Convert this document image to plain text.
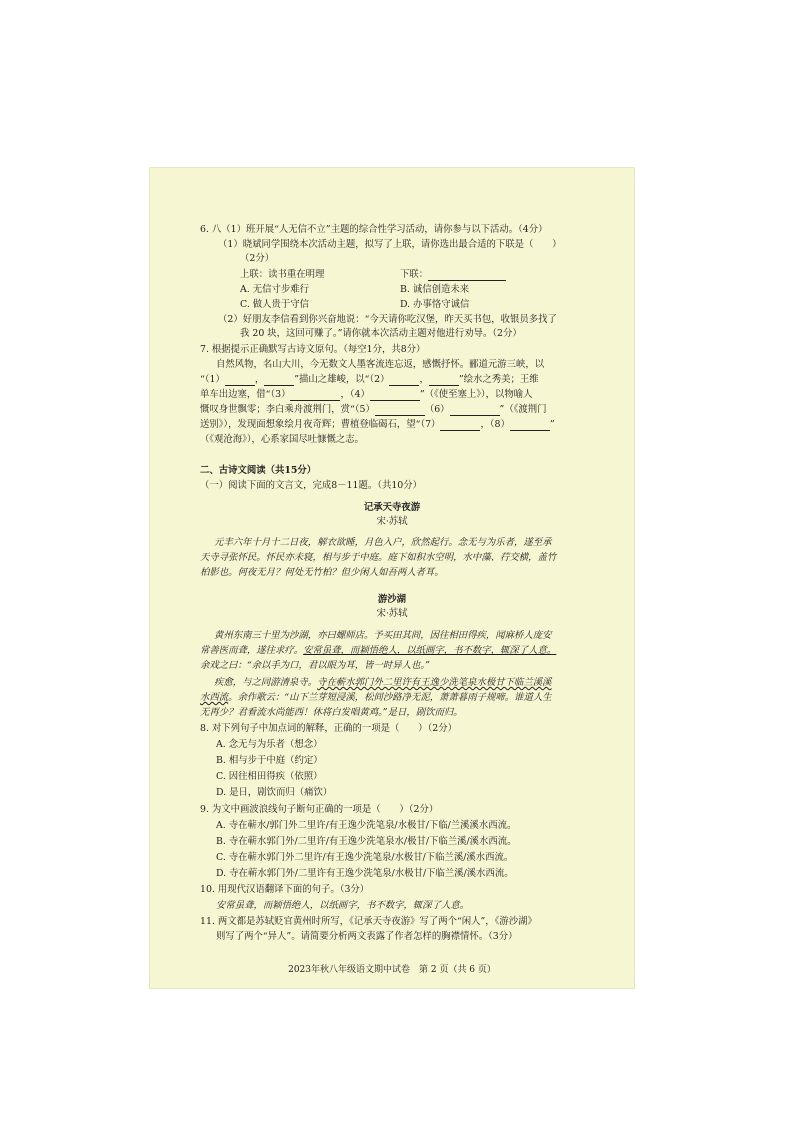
6. 八（1）班开展“人无信不立”主题的综合性学习活动，请你参与以下活动。（4分）
（1）晓斌同学围绕本次活动主题，拟写了上联，请你选出最合适的下联是（　　）
（2分）
上联：读书重在明理	下联：
A. 无信寸步难行	B. 诚信创造未来
C. 做人贵于守信	D. 办事恪守诚信
（2）好朋友李信看到你兴奋地说：“今天请你吃汉堡，昨天买书包，收银员多找了
我 20 块，这回可赚了。”请你就本次活动主题对他进行劝导。（2分）
7. 根据提示正确默写古诗文原句。（每空1分，共8分）
自然风物，名山大川，今无数文人墨客流连忘返，感慨抒怀。郦道元游三峡，以
“（1）	，	”描山之雄峻，以“（2）	，	”绘水之秀美；王维
单车出边塞，借“（3）	，（4）	”（《使至塞上》），以物喻人
慨叹身世飘零；李白乘舟渡荆门，赏“（5）	（6）	”（《渡荆门
送别》），发现面想象绘月夜奇辉；曹植登临碣石，望“（7）	，（8）	”
（《观沧海》），心系家国尽吐慷慨之志。
二、古诗文阅读（共15分）
（一）阅读下面的文言文，完成8－11题。（共10分）
记承天寺夜游
宋·苏轼
元丰六年十月十二日夜，解衣欲睡，月色入户，欣然起行。念无与为乐者，遂至承
天寺寻张怀民。怀民亦未寝，相与步于中庭。庭下如积水空明，水中藻、荇交横，盖竹
柏影也。何夜无月？何处无竹柏？但少闲人如吾两人者耳。
游沙湖
宋·苏轼
黄州东南三十里为沙湖，亦曰螺师店。予买田其间，因往相田得疾，闻麻桥人庞安
常善医而聋，遂往求疗。安常虽聋，而颖悟绝人，以纸画字，书不数字，辄深了人意。
余戏之曰：“余以手为口，君以眼为耳，皆一时异人也。”
疾愈，与之同游清泉寺。寺在蕲水郭门外二里许有王逸少洗笔泉水极甘下临兰溪溪
水西流。余作歌云：“山下兰芽短浸溪，松间沙路净无泥，萧萧暮雨子规啼。谁道人生
无再少？君看流水尚能西！休将白发唱黄鸡。”是日，剧饮而归。
8. 对下列句子中加点词的解释，正确的一项是（　　）（2分）
A. 念无与为乐者（想念）
B. 相与步于中庭（约定）
C. 因往相田得疾（依照）
D. 是日，剧饮而归（痛饮）
9. 为文中画波浪线句子断句正确的一项是（　　）（2分）
A. 寺在蕲水/郭门外二里许/有王逸少洗笔泉/水极甘/下临/兰溪溪水西流。
B. 寺在蕲水郭门外/二里许/有王逸少洗笔泉水/极甘/下临兰溪/溪水西流。
C. 寺在蕲水郭门外二里许/有王逸少洗笔泉/水极甘/下临兰溪/溪水西流。
D. 寺在蕲水郭门外/二里许有王逸少洗笔泉/水极甘/下临兰溪/溪水西流。
10. 用现代汉语翻译下面的句子。（3分）
安常虽聋，而颖悟绝人，以纸画字，书不数字，辄深了人意。
11. 两文都是苏轼贬官黄州时所写，《记承天寺夜游》写了两个“闲人”，《游沙湖》
则写了两个“异人”。请简要分析两文表露了作者怎样的胸襟情怀。（3分）
2023年秋八年级语文期中试卷　第 2 页（共 6 页）
